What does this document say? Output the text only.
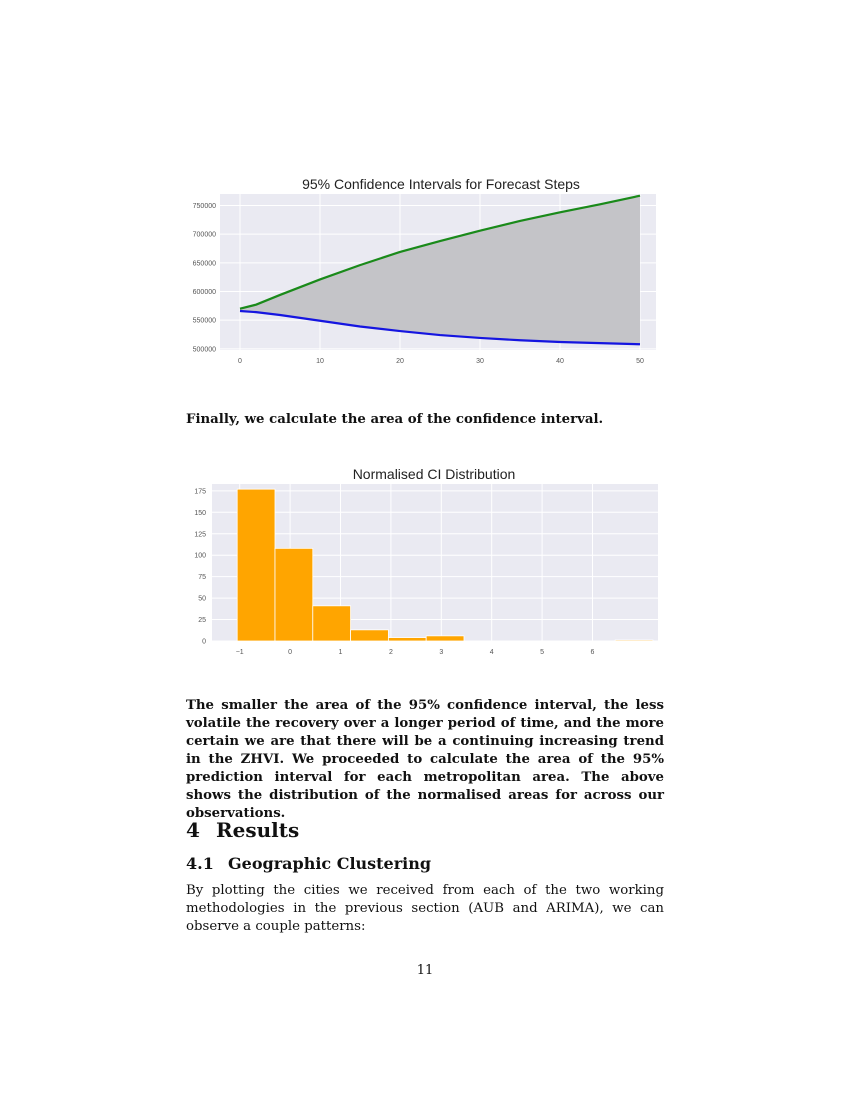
95% Confidence Intervals for Forecast Steps
0	10	20	30	40	50
500000
550000
600000
650000
700000
750000

Finally, we calculate the area of the confidence interval.

Normalised CI Distribution
−1	0	1	2	3	4	5	6
0
25
50
75
100
125
150
175

The smaller the area of the 95% confidence interval, the less volatile the recovery over a longer period of time, and the more certain we are that there will be a continuing increasing trend in the ZHVI. We proceeded to calculate the area of the 95% prediction interval for each metropolitan area. The above shows the distribution of the normalised areas for across our observations.

4 Results
4.1 Geographic Clustering

By plotting the cities we received from each of the two working methodologies in the previous section (AUB and ARIMA), we can observe a couple patterns:

11
